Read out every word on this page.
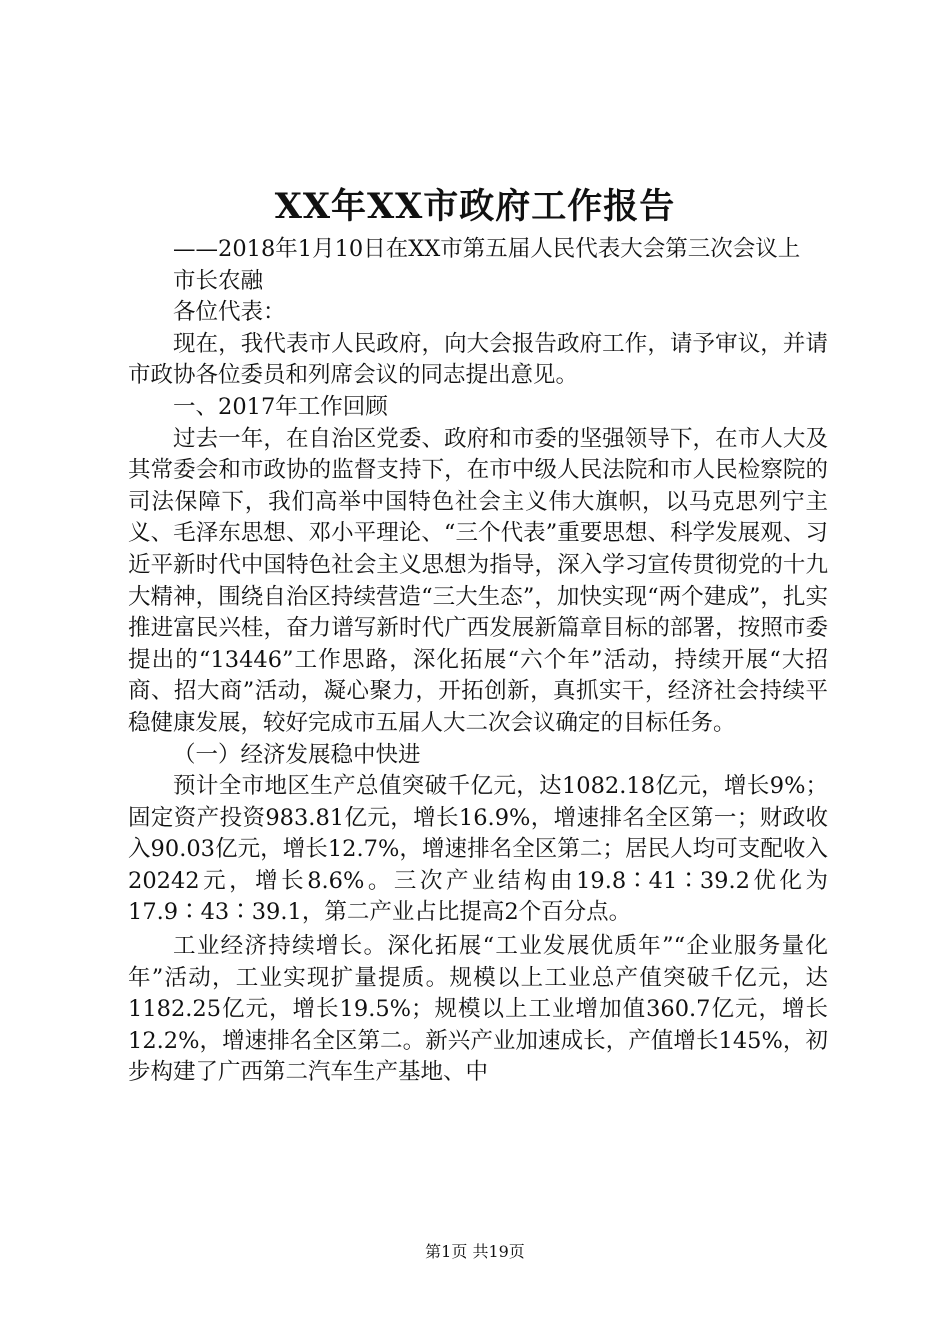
XX年XX市政府工作报告

——2018年1月10日在XX市第五届人民代表大会第三次会议上

市长农融

各位代表：

现在，我代表市人民政府，向大会报告政府工作，请予审议，并请市政协各位委员和列席会议的同志提出意见。

一、2017年工作回顾

过去一年，在自治区党委、政府和市委的坚强领导下，在市人大及其常委会和市政协的监督支持下，在市中级人民法院和市人民检察院的司法保障下，我们高举中国特色社会主义伟大旗帜，以马克思列宁主义、毛泽东思想、邓小平理论、“三个代表”重要思想、科学发展观、习近平新时代中国特色社会主义思想为指导，深入学习宣传贯彻党的十九大精神，围绕自治区持续营造“三大生态”，加快实现“两个建成”，扎实推进富民兴桂，奋力谱写新时代广西发展新篇章目标的部署，按照市委提出的“13446”工作思路，深化拓展“六个年”活动，持续开展“大招商、招大商”活动，凝心聚力，开拓创新，真抓实干，经济社会持续平稳健康发展，较好完成市五届人大二次会议确定的目标任务。

（一）经济发展稳中快进

预计全市地区生产总值突破千亿元，达1082.18亿元，增长9%；固定资产投资983.81亿元，增长16.9%，增速排名全区第一；财政收入90.03亿元，增长12.7%，增速排名全区第二；居民人均可支配收入20242元，增长8.6%。三次产业结构由19.8∶41∶39.2优化为17.9∶43∶39.1，第二产业占比提高2个百分点。

工业经济持续增长。深化拓展“工业发展优质年”“企业服务量化年”活动，工业实现扩量提质。规模以上工业总产值突破千亿元，达1182.25亿元，增长19.5%；规模以上工业增加值360.7亿元，增长12.2%，增速排名全区第二。新兴产业加速成长，产值增长145%，初步构建了广西第二汽车生产基地、中

第1页 共19页
